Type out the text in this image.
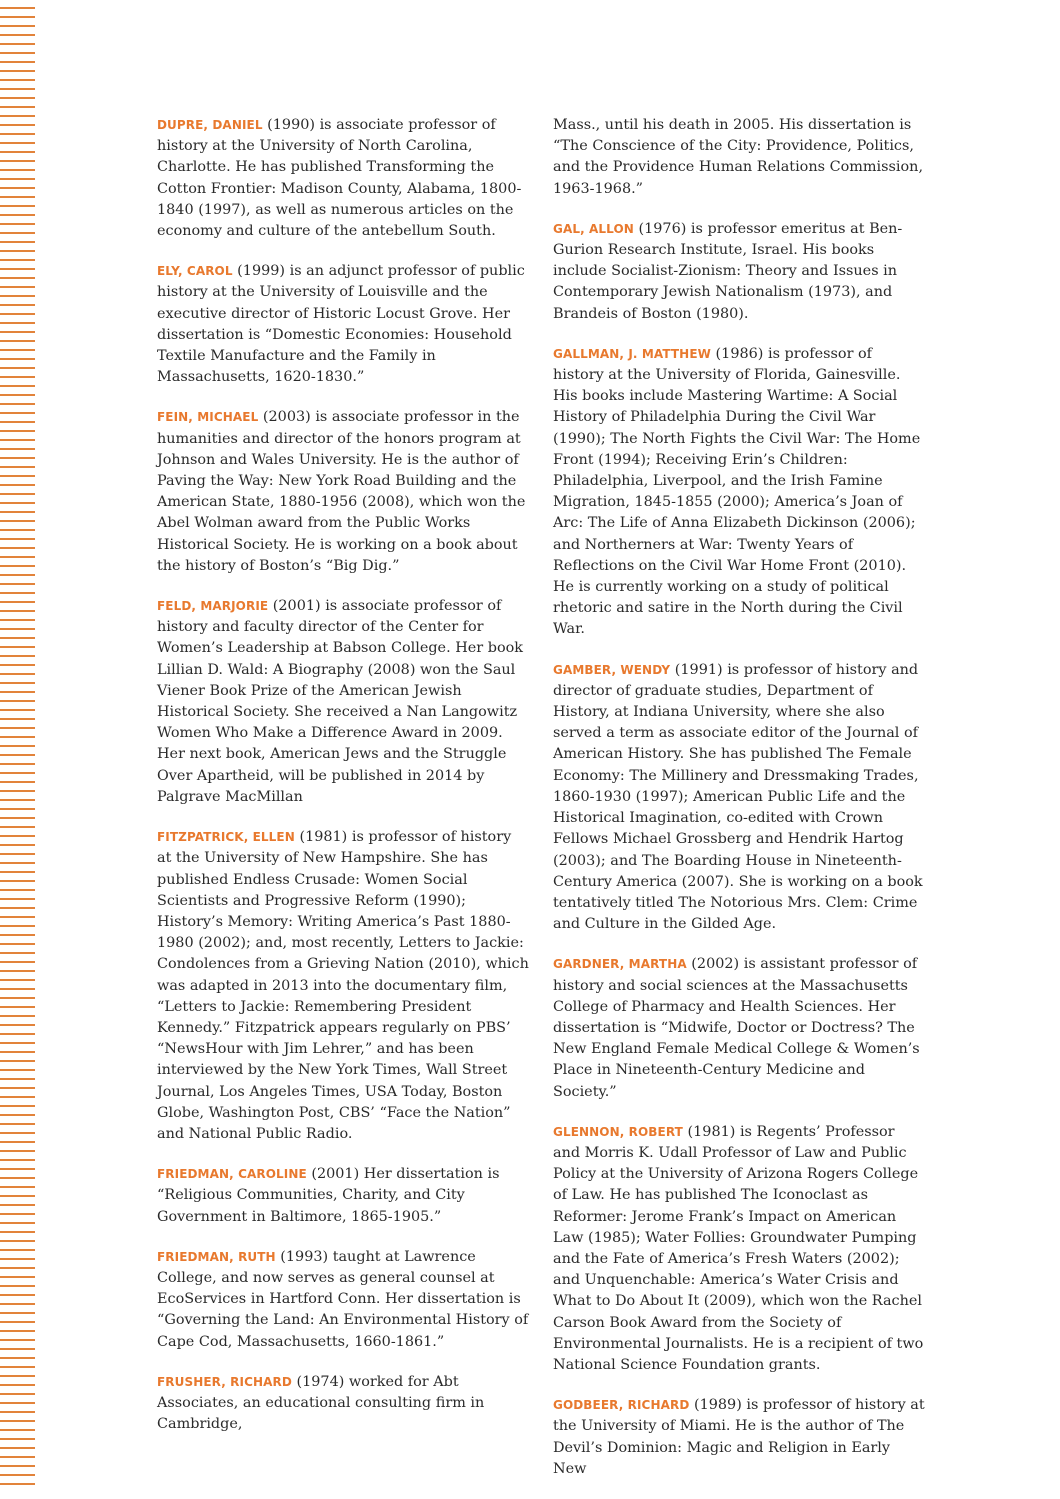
DUPRE, DANIEL (1990) is associate professor of history at the University of North Carolina, Charlotte. He has published Transforming the Cotton Frontier: Madison County, Alabama, 1800-1840 (1997), as well as numerous articles on the economy and culture of the antebellum South.

ELY, CAROL (1999) is an adjunct professor of public history at the University of Louisville and the executive director of Historic Locust Grove. Her dissertation is “Domestic Economies: Household Textile Manufacture and the Family in Massachusetts, 1620-1830.”

FEIN, MICHAEL (2003) is associate professor in the humanities and director of the honors program at Johnson and Wales University. He is the author of Paving the Way: New York Road Building and the American State, 1880-1956 (2008), which won the Abel Wolman award from the Public Works Historical Society. He is working on a book about the history of Boston’s “Big Dig.”

FELD, MARJORIE (2001) is associate professor of history and faculty director of the Center for Women’s Leadership at Babson College. Her book Lillian D. Wald: A Biography (2008) won the Saul Viener Book Prize of the American Jewish Historical Society. She received a Nan Langowitz Women Who Make a Difference Award in 2009. Her next book, American Jews and the Struggle Over Apartheid, will be published in 2014 by Palgrave MacMillan

FITZPATRICK, ELLEN (1981) is professor of history at the University of New Hampshire. She has published Endless Crusade: Women Social Scientists and Progressive Reform (1990); History’s Memory: Writing America’s Past 1880-1980 (2002); and, most recently, Letters to Jackie: Condolences from a Grieving Nation (2010), which was adapted in 2013 into the documentary film, “Letters to Jackie: Remembering President Kennedy.” Fitzpatrick appears regularly on PBS’ “NewsHour with Jim Lehrer,” and has been interviewed by the New York Times, Wall Street Journal, Los Angeles Times, USA Today, Boston Globe, Washington Post, CBS’ “Face the Nation” and National Public Radio.

FRIEDMAN, CAROLINE (2001) Her dissertation is “Religious Communities, Charity, and City Government in Baltimore, 1865-1905.”

FRIEDMAN, RUTH (1993) taught at Lawrence College, and now serves as general counsel at EcoServices in Hartford Conn. Her dissertation is “Governing the Land: An Environmental History of Cape Cod, Massachusetts, 1660-1861.”

FRUSHER, RICHARD (1974) worked for Abt Associates, an educational consulting firm in Cambridge,

Mass., until his death in 2005. His dissertation is “The Conscience of the City: Providence, Politics, and the Providence Human Relations Commission, 1963-1968.”

GAL, ALLON (1976) is professor emeritus at Ben-Gurion Research Institute, Israel. His books include Socialist-Zionism: Theory and Issues in Contemporary Jewish Nationalism (1973), and Brandeis of Boston (1980).

GALLMAN, J. MATTHEW (1986) is professor of history at the University of Florida, Gainesville. His books include Mastering Wartime: A Social History of Philadelphia During the Civil War (1990); The North Fights the Civil War: The Home Front (1994); Receiving Erin’s Children: Philadelphia, Liverpool, and the Irish Famine Migration, 1845-1855 (2000); America’s Joan of Arc: The Life of Anna Elizabeth Dickinson (2006); and Northerners at War: Twenty Years of Reflections on the Civil War Home Front (2010). He is currently working on a study of political rhetoric and satire in the North during the Civil War.

GAMBER, WENDY (1991) is professor of history and director of graduate studies, Department of History, at Indiana University, where she also served a term as associate editor of the Journal of American History. She has published The Female Economy: The Millinery and Dressmaking Trades, 1860-1930 (1997); American Public Life and the Historical Imagination, co-edited with Crown Fellows Michael Grossberg and Hendrik Hartog (2003); and The Boarding House in Nineteenth-Century America (2007). She is working on a book tentatively titled The Notorious Mrs. Clem: Crime and Culture in the Gilded Age.

GARDNER, MARTHA (2002) is assistant professor of history and social sciences at the Massachusetts College of Pharmacy and Health Sciences. Her dissertation is “Midwife, Doctor or Doctress? The New England Female Medical College & Women’s Place in Nineteenth-Century Medicine and Society.”

GLENNON, ROBERT (1981) is Regents’ Professor and Morris K. Udall Professor of Law and Public Policy at the University of Arizona Rogers College of Law. He has published The Iconoclast as Reformer: Jerome Frank’s Impact on American Law (1985); Water Follies: Groundwater Pumping and the Fate of America’s Fresh Waters (2002); and Unquenchable: America’s Water Crisis and What to Do About It (2009), which won the Rachel Carson Book Award from the Society of Environmental Journalists. He is a recipient of two National Science Foundation grants.

GODBEER, RICHARD (1989) is professor of history at the University of Miami. He is the author of The Devil’s Dominion: Magic and Religion in Early New
